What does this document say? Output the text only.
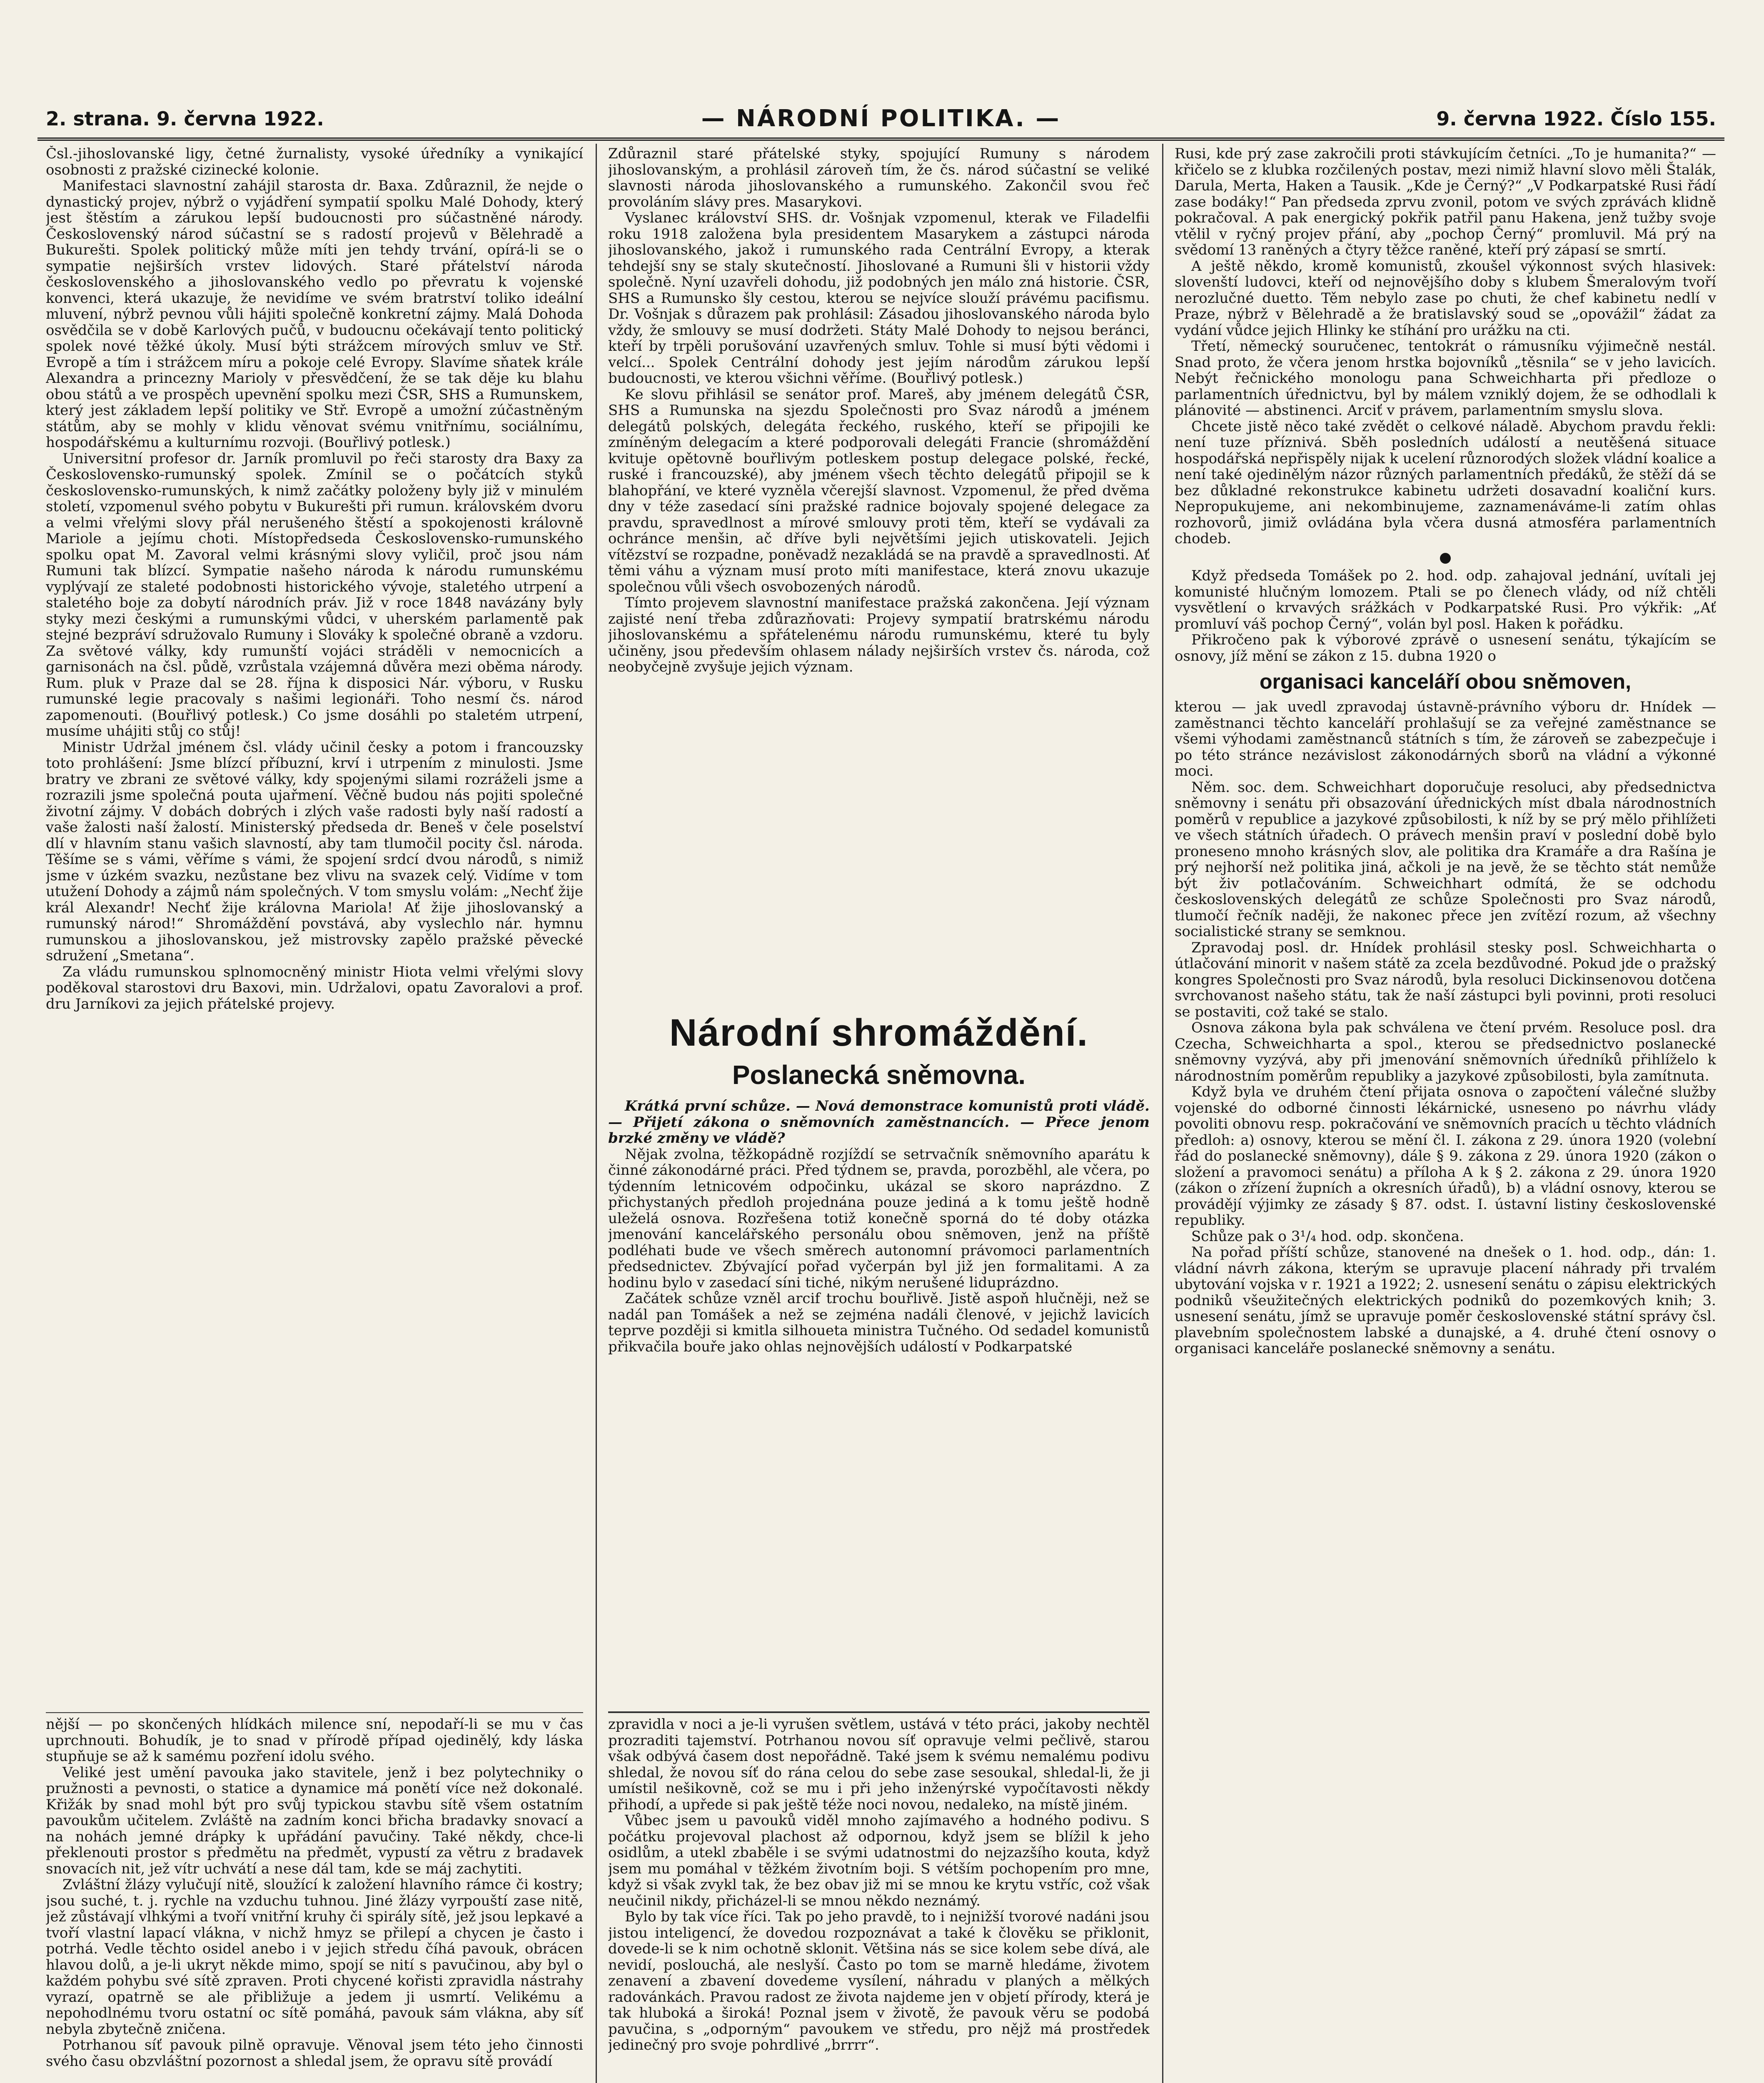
2. strana. 9. června 1922.	— NÁRODNÍ POLITIKA. —	9. června 1922. Číslo 155.

Čsl.-jihoslovanské ligy, četné žurnalisty, vysoké úředníky a vynikající osobnosti z pražské cizinecké kolonie.

Manifestaci slavnostní zahájil starosta dr. Baxa. Zdůraznil, že nejde o dynastický projev, nýbrž o vyjádření sympatií spolku Malé Dohody, který jest štěstím a zárukou lepší budoucnosti pro súčastněné národy. Československý národ súčastní se s radostí projevů v Bělehradě a Bukurešti. Spolek politický může míti jen tehdy trvání, opírá-li se o sympatie nejširších vrstev lidových. Staré přátelství národa československého a jihoslovanského vedlo po převratu k vojenské konvenci, která ukazuje, že nevidíme ve svém bratrství toliko ideální mluvení, nýbrž pevnou vůli hájiti společně konkretní zájmy. Malá Dohoda osvědčila se v době Karlových pučů, v budoucnu očekávají tento politický spolek nové těžké úkoly. Musí býti strážcem mírových smluv ve Stř. Evropě a tím i strážcem míru a pokoje celé Evropy. Slavíme sňatek krále Alexandra a princezny Marioly v přesvědčení, že se tak děje ku blahu obou států a ve prospěch upevnění spolku mezi ČSR, SHS a Rumunskem, který jest základem lepší politiky ve Stř. Evropě a umožní zúčastněným státům, aby se mohly v klidu věnovat svému vnitřnímu, sociálnímu, hospodářskému a kulturnímu rozvoji. (Bouřlivý potlesk.)

Universitní profesor dr. Jarník promluvil po řeči starosty dra Baxy za Československo-rumunský spolek. Zmínil se o počátcích styků československo-rumunských, k nimž začátky položeny byly již v minulém století, vzpomenul svého pobytu v Bukurešti při rumun. královském dvoru a velmi vřelými slovy přál nerušeného štěstí a spokojenosti královně Mariole a jejímu choti. Místopředseda Československo-rumunského spolku opat M. Zavoral velmi krásnými slovy vyličil, proč jsou nám Rumuni tak blízcí. Sympatie našeho národa k národu rumunskému vyplývají ze staleté podobnosti historického vývoje, staletého utrpení a staletého boje za dobytí národních práv. Již v roce 1848 navázány byly styky mezi českými a rumunskými vůdci, v uherském parlamentě pak stejné bezpráví sdružovalo Rumuny i Slováky k společné obraně a vzdoru. Za světové války, kdy rumunští vojáci stráděli v nemocnicích a garnisonách na čsl. půdě, vzrůstala vzájemná důvěra mezi oběma národy. Rum. pluk v Praze dal se 28. října k disposici Nár. výboru, v Rusku rumunské legie pracovaly s našimi legionáři. Toho nesmí čs. národ zapomenouti. (Bouřlivý potlesk.) Co jsme dosáhli po staletém utrpení, musíme uhájiti stůj co stůj!

Ministr Udržal jménem čsl. vlády učinil česky a potom i francouzsky toto prohlášení: Jsme blízcí příbuzní, krví i utrpením z minulosti. Jsme bratry ve zbrani ze světové války, kdy spojenými silami rozráželi jsme a rozrazili jsme společná pouta ujařmení. Věčně budou nás pojiti společné životní zájmy. V dobách dobrých i zlých vaše radosti byly naší radostí a vaše žalosti naší žalostí. Ministerský předseda dr. Beneš v čele poselství dlí v hlavním stanu vašich slavností, aby tam tlumočil pocity čsl. národa. Těšíme se s vámi, věříme s vámi, že spojení srdcí dvou národů, s nimiž jsme v úzkém svazku, nezůstane bez vlivu na svazek celý. Vidíme v tom utužení Dohody a zájmů nám společných. V tom smyslu volám: „Nechť žije král Alexandr! Nechť žije královna Mariola! Ať žije jihoslovanský a rumunský národ!“ Shromáždění povstává, aby vyslechlo nár. hymnu rumunskou a jihoslovanskou, jež mistrovsky zapělo pražské pěvecké sdružení „Smetana“.

Za vládu rumunskou splnomocněný ministr Hiota velmi vřelými slovy poděkoval starostovi dru Baxovi, min. Udržalovi, opatu Zavoralovi a prof. dru Jarníkovi za jejich přátelské projevy.

nější — po skončených hlídkách milence sní, nepodaří-li se mu v čas uprchnouti. Bohudík, je to snad v přírodě případ ojedinělý, kdy láska stupňuje se až k samému pozření idolu svého.

Veliké jest umění pavouka jako stavitele, jenž i bez polytechniky o pružnosti a pevnosti, o statice a dynamice má ponětí více než dokonalé. Křižák by snad mohl být pro svůj typickou stavbu sítě všem ostatním pavoukům učitelem. Zvláště na zadním konci břicha bradavky snovací a na nohách jemné drápky k upřádání pavučiny. Také někdy, chce-li překlenouti prostor s předmětu na předmět, vypustí za větru z bradavek snovacích nit, jež vítr uchvátí a nese dál tam, kde se máj zachytiti.

Zvláštní žlázy vylučují nitě, sloužící k založení hlavního rámce či kostry; jsou suché, t. j. rychle na vzduchu tuhnou. Jiné žlázy vyrpouští zase nitě, jež zůstávají vlhkými a tvoří vnitřní kruhy či spirály sítě, jež jsou lepkavé a tvoří vlastní lapací vlákna, v nichž hmyz se přilepí a chycen je často i potrhá. Vedle těchto osidel anebo i v jejich středu číhá pavouk, obrácen hlavou dolů, a je-li ukryt někde mimo, spojí se nití s pavučinou, aby byl o každém pohybu své sítě zpraven. Proti chycené kořisti zpravidla nástrahy vyrazí, opatrně se ale přibližuje a jedem ji usmrtí. Velikému a nepohodlnému tvoru ostatní oc sítě pomáhá, pavouk sám vlákna, aby síť nebyla zbytečně zničena.

Potrhanou síť pavouk pilně opravuje. Věnoval jsem této jeho činnosti svého času obzvláštní pozornost a shledal jsem, že opravu sítě provádí

Zdůraznil staré přátelské styky, spojující Rumuny s národem jihoslovanským, a prohlásil zároveň tím, že čs. národ súčastní se veliké slavnosti národa jihoslovanského a rumunského. Zakončil svou řeč provoláním slávy pres. Masarykovi.

Vyslanec království SHS. dr. Vošnjak vzpomenul, kterak ve Filadelfii roku 1918 založena byla presidentem Masarykem a zástupci národa jihoslovanského, jakož i rumunského rada Centrální Evropy, a kterak tehdejší sny se staly skutečností. Jihoslované a Rumuni šli v historii vždy společně. Nyní uzavřeli dohodu, již podobných jen málo zná historie. ČSR, SHS a Rumunsko šly cestou, kterou se nejvíce slouží právému pacifismu. Dr. Vošnjak s důrazem pak prohlásil: Zásadou jihoslovanského národa bylo vždy, že smlouvy se musí dodržeti. Státy Malé Dohody to nejsou beránci, kteří by trpěli porušování uzavřených smluv. Tohle si musí býti vědomi i velcí... Spolek Centrální dohody jest jejím národům zárukou lepší budoucnosti, ve kterou všichni věříme. (Bouřlivý potlesk.)

Ke slovu přihlásil se senátor prof. Mareš, aby jménem delegátů ČSR, SHS a Rumunska na sjezdu Společnosti pro Svaz národů a jménem delegátů polských, delegáta řeckého, ruského, kteří se připojili ke zmíněným delegacím a které podporovali delegáti Francie (shromáždění kvituje opětovně bouřlivým potleskem postup delegace polské, řecké, ruské i francouzské), aby jménem všech těchto delegátů připojil se k blahopřání, ve které vyzněla včerejší slavnost. Vzpomenul, že před dvěma dny v téže zasedací síni pražské radnice bojovaly spojené delegace za pravdu, spravedlnost a mírové smlouvy proti těm, kteří se vydávali za ochránce menšin, ač dříve byli největšími jejich utiskovateli. Jejich vítězství se rozpadne, poněvadž nezakládá se na pravdě a spravedlnosti. Ať těmi váhu a význam musí proto míti manifestace, která znovu ukazuje společnou vůli všech osvobozených národů.

Tímto projevem slavnostní manifestace pražská zakončena. Její význam zajisté není třeba zdůrazňovati: Projevy sympatií bratrskému národu jihoslovanskému a spřátelenému národu rumunskému, které tu byly učiněny, jsou především ohlasem nálady nejširších vrstev čs. národa, což neobyčejně zvyšuje jejich význam.

Národní shromáždění.
Poslanecká sněmovna.

Krátká první schůze. — Nová demonstrace komunistů proti vládě. — Přijetí zákona o sněmovních zaměstnancích. — Přece jenom brzké změny ve vládě?

Nějak zvolna, těžkopádně rozjíždí se setrvačník sněmovního aparátu k činné zákonodárné práci. Před týdnem se, pravda, porozběhl, ale včera, po týdenním letnicovém odpočinku, ukázal se skoro naprázdno. Z přichystaných předloh projednána pouze jediná a k tomu ještě hodně uleželá osnova. Rozřešena totiž konečně sporná do té doby otázka jmenování kancelářského personálu obou sněmoven, jenž na příště podléhati bude ve všech směrech autonomní právomoci parlamentních předsednictev. Zbývající pořad vyčerpán byl již jen formalitami. A za hodinu bylo v zasedací síni tiché, nikým nerušené liduprázdno.

Začátek schůze vzněl arcif trochu bouřlivě. Jistě aspoň hlučněji, než se nadál pan Tomášek a než se zejména nadáli členové, v jejichž lavicích teprve později si kmitla silhoueta ministra Tučného. Od sedadel komunistů přikvačila bouře jako ohlas nejnovějších událostí v Podkarpatské

zpravidla v noci a je-li vyrušen světlem, ustává v této práci, jakoby nechtěl prozraditi tajemství. Potrhanou novou síť opravuje velmi pečlivě, starou však odbývá časem dost nepořádně. Také jsem k svému nemalému podivu shledal, že novou síť do rána celou do sebe zase sesoukal, shledal-li, že ji umístil nešikovně, což se mu i při jeho inženýrské vypočítavosti někdy přihodí, a upřede si pak ještě téže noci novou, nedaleko, na místě jiném.

Vůbec jsem u pavouků viděl mnoho zajímavého a hodného podivu. S počátku projevoval plachost až odpornou, když jsem se blížil k jeho osidlům, a utekl zbaběle i se svými udatnostmi do nejzazšího kouta, když jsem mu pomáhal v těžkém životním boji. S vétším pochopením pro mne, když si však zvykl tak, že bez obav již mi se mnou ke krytu vstříc, což však neučinil nikdy, přicházel-li se mnou někdo neznámý.

Bylo by tak více říci. Tak po jeho pravdě, to i nejnižší tvorové nadáni jsou jistou inteligencí, že dovedou rozpoznávat a také k člověku se přiklonit, dovede-li se k nim ochotně sklonit. Většina nás se sice kolem sebe dívá, ale nevidí, poslouchá, ale neslyší. Často po tom se marně hledáme, životem zenavení a zbavení dovedeme vysílení, náhradu v planých a mělkých radovánkách. Pravou radost ze života najdeme jen v objetí přírody, která je tak hluboká a široká! Poznal jsem v životě, že pavouk věru se podobá pavučina, s „odporným“ pavoukem ve středu, pro nějž má prostředek jedinečný pro svoje pohrdlivé „brrrr“.

Rusi, kde prý zase zakročili proti stávkujícím četníci. „To je humanita?“ — křičelo se z klubka rozčilených postav, mezi nimiž hlavní slovo měli Štalák, Darula, Merta, Haken a Tausik. „Kde je Černý?“ „V Podkarpatské Rusi řádí zase bodáky!“ Pan předseda zprvu zvonil, potom ve svých zprávách klidně pokračoval. A pak energický pokřik patřil panu Hakena, jenž tužby svoje vtělil v ryčný projev přání, aby „pochop Černý“ promluvil. Má prý na svědomí 13 raněných a čtyry těžce raněné, kteří prý zápasí se smrtí.

A ještě někdo, kromě komunistů, zkoušel výkonnost svých hlasivek: slovenští ludovci, kteří od nejnovějšího doby s klubem Šmeralovým tvoří nerozlučné duetto. Těm nebylo zase po chuti, že chef kabinetu nedlí v Praze, nýbrž v Bělehradě a že bratislavský soud se „opovážil“ žádat za vydání vůdce jejich Hlinky ke stíhání pro urážku na cti.

Třetí, německý souručenec, tentokrát o rámusníku výjimečně nestál. Snad proto, že včera jenom hrstka bojovníků „těsnila“ se v jeho lavicích. Nebýt řečnického monologu pana Schweichharta při předloze o parlamentních úřednictvu, byl by málem vzniklý dojem, že se odhodlali k plánovité — abstinenci. Arciť v právem, parlamentním smyslu slova.

Chcete jistě něco také zvědět o celkové náladě. Abychom pravdu řekli: není tuze příznivá. Sběh posledních událostí a neutěšená situace hospodářská nepřispěly nijak k ucelení různorodých složek vládní koalice a není také ojedinělým názor různých parlamentních předáků, že stěží dá se bez důkladné rekonstrukce kabinetu udržeti dosavadní koaliční kurs. Nepropukujeme, ani nekombinujeme, zaznamenáváme-li zatím ohlas rozhovorů, jimiž ovládána byla včera dusná atmosféra parlamentních chodeb.

●

Když předseda Tomášek po 2. hod. odp. zahajoval jednání, uvítali jej komunisté hlučným lomozem. Ptali se po členech vlády, od níž chtěli vysvětlení o krvavých srážkách v Podkarpatské Rusi. Pro výkřik: „Ať promluví váš pochop Černý“, volán byl posl. Haken k pořádku.

Přikročeno pak k výborové zprávě o usnesení senátu, týkajícím se osnovy, jíž mění se zákon z 15. dubna 1920 o

organisaci kanceláří obou sněmoven,

kterou — jak uvedl zpravodaj ústavně-právního výboru dr. Hnídek — zaměstnanci těchto kanceláří prohlašují se za veřejné zaměstnance se všemi výhodami zaměstnanců státních s tím, že zároveň se zabezpečuje i po této stránce nezávislost zákonodárných sborů na vládní a výkonné moci.

Něm. soc. dem. Schweichhart doporučuje resoluci, aby předsednictva sněmovny i senátu při obsazování úřednických míst dbala národnostních poměrů v republice a jazykové způsobilosti, k níž by se prý mělo přihlížeti ve všech státních úřadech. O právech menšin praví v poslední době bylo proneseno mnoho krásných slov, ale politika dra Kramáře a dra Rašína je prý nejhorší než politika jiná, ačkoli je na jevě, že se těchto stát nemůže být živ potlačováním. Schweichhart odmítá, že se odchodu československých delegátů ze schůze Společnosti pro Svaz národů, tlumočí řečník naději, že nakonec přece jen zvítězí rozum, až všechny socialistické strany se semknou.

Zpravodaj posl. dr. Hnídek prohlásil stesky posl. Schweichharta o útlačování minorit v našem státě za zcela bezdůvodné. Pokud jde o pražský kongres Společnosti pro Svaz národů, byla resoluci Dickinsenovou dotčena svrchovanost našeho státu, tak že naší zástupci byli povinni, proti resoluci se postaviti, což také se stalo.

Osnova zákona byla pak schválena ve čtení prvém. Resoluce posl. dra Czecha, Schweichharta a spol., kterou se předsednictvo poslanecké sněmovny vyzývá, aby při jmenování sněmovních úředníků přihlíželo k národnostním poměrům republiky a jazykové způsobilosti, byla zamítnuta.

Když byla ve druhém čtení přijata osnova o započtení válečné služby vojenské do odborné činnosti lékárnické, usneseno po návrhu vlády povoliti obnovu resp. pokračování ve sněmovních pracích u těchto vládních předloh: a) osnovy, kterou se mění čl. I. zákona z 29. února 1920 (volební řád do poslanecké sněmovny), dále § 9. zákona z 29. února 1920 (zákon o složení a pravomoci senátu) a příloha A k § 2. zákona z 29. února 1920 (zákon o zřízení župních a okresních úřadů), b) a vládní osnovy, kterou se provádějí výjimky ze zásady § 87. odst. I. ústavní listiny československé republiky.

Schůze pak o 3¹/₄ hod. odp. skončena.

Na pořad příští schůze, stanovené na dnešek o 1. hod. odp., dán: 1. vládní návrh zákona, kterým se upravuje placení náhrady při trvalém ubytování vojska v r. 1921 a 1922; 2. usnesení senátu o zápisu elektrických podniků všeužitečných elektrických podniků do pozemkových knih; 3. usnesení senátu, jímž se upravuje poměr československé státní správy čsl. plavebním společnostem labské a dunajské, a 4. druhé čtení osnovy o organisaci kanceláře poslanecké sněmovny a senátu.
